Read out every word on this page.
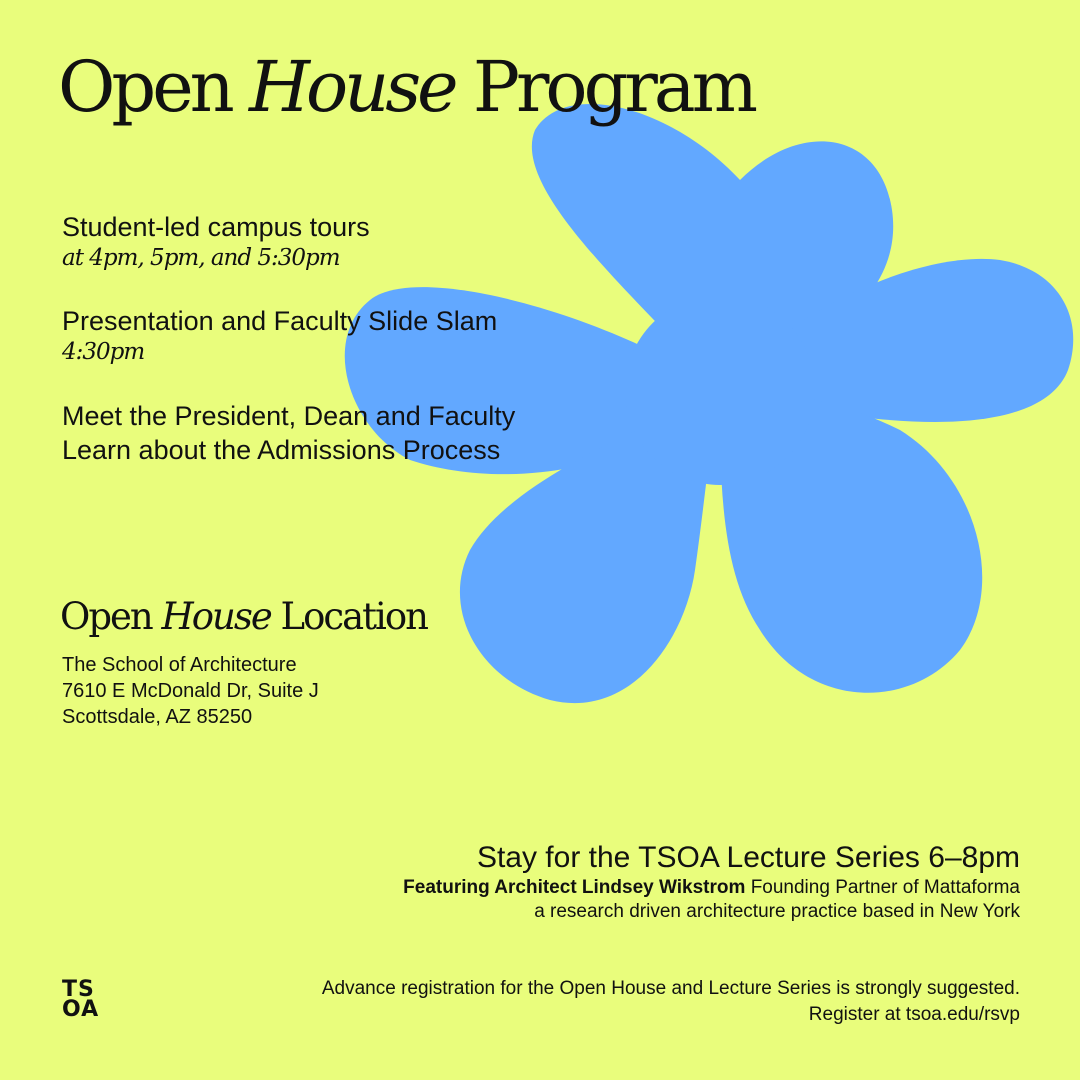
Open House Program
Student-led campus tours
at 4pm, 5pm, and 5:30pm
Presentation and Faculty Slide Slam
4:30pm
Meet the President, Dean and Faculty
Learn about the Admissions Process
Open House Location
The School of Architecture
7610 E McDonald Dr, Suite J
Scottsdale, AZ 85250
Stay for the TSOA Lecture Series 6–8pm
Featuring Architect Lindsey Wikstrom Founding Partner of Mattaforma
a research driven architecture practice based in New York
TS
OA
Advance registration for the Open House and Lecture Series is strongly suggested.
Register at tsoa.edu/rsvp
